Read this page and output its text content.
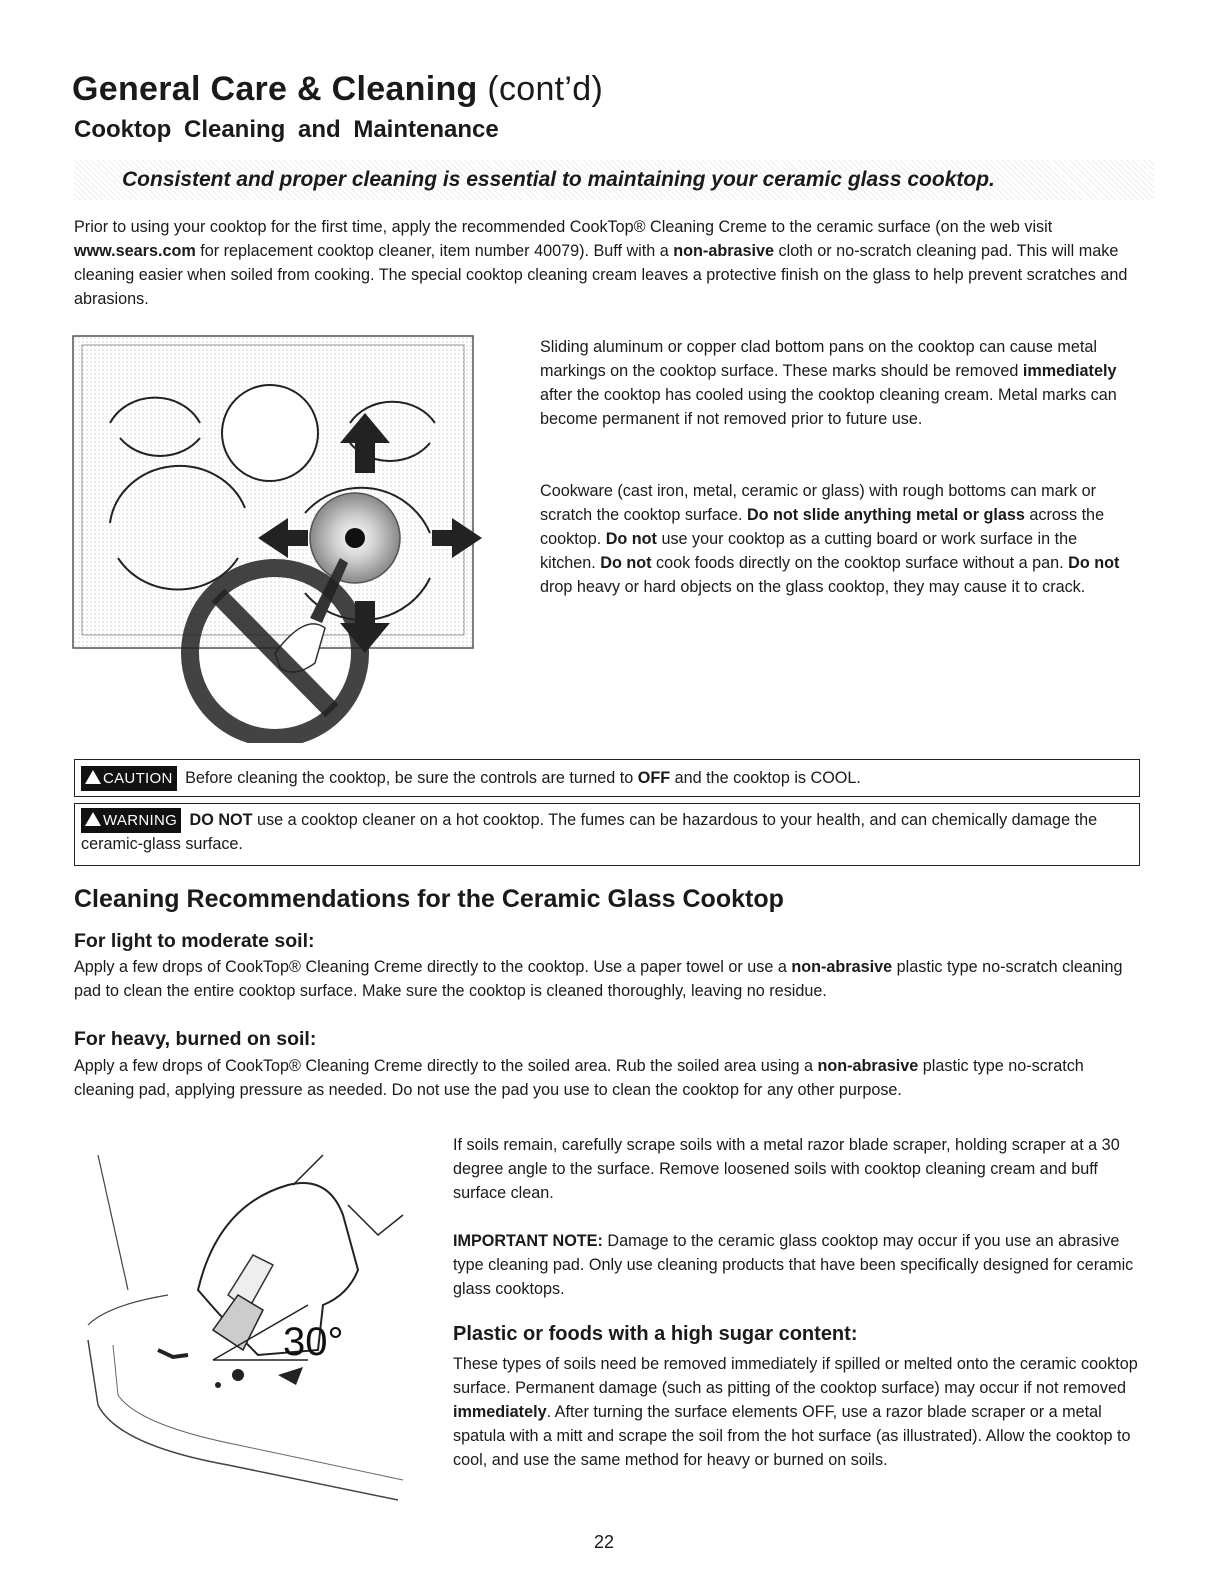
General Care & Cleaning (cont’d)
Cooktop Cleaning and Maintenance
Consistent and proper cleaning is essential to maintaining your ceramic glass cooktop.
Prior to using your cooktop for the first time, apply the recommended CookTop® Cleaning Creme to the ceramic surface (on the web visit www.sears.com for replacement cooktop cleaner, item number 40079). Buff with a non-abrasive cloth or no-scratch cleaning pad. This will make cleaning easier when soiled from cooking. The special cooktop cleaning cream leaves a protective finish on the glass to help prevent scratches and abrasions.
Sliding aluminum or copper clad bottom pans on the cooktop can cause metal markings on the cooktop surface. These marks should be removed immediately after the cooktop has cooled using the cooktop cleaning cream. Metal marks can become permanent if not removed prior to future use.
Cookware (cast iron, metal, ceramic or glass) with rough bottoms can mark or scratch the cooktop surface. Do not slide anything metal or glass across the cooktop. Do not use your cooktop as a cutting board or work surface in the kitchen. Do not cook foods directly on the cooktop surface without a pan. Do not drop heavy or hard objects on the glass cooktop, they may cause it to crack.
CAUTION Before cleaning the cooktop, be sure the controls are turned to OFF and the cooktop is COOL.
WARNING DO NOT use a cooktop cleaner on a hot cooktop. The fumes can be hazardous to your health, and can chemically damage the ceramic-glass surface.
Cleaning Recommendations for the Ceramic Glass Cooktop
For light to moderate soil:
Apply a few drops of CookTop® Cleaning Creme directly to the cooktop. Use a paper towel or use a non-abrasive plastic type no-scratch cleaning pad to clean the entire cooktop surface. Make sure the cooktop is cleaned thoroughly, leaving no residue.
For heavy, burned on soil:
Apply a few drops of CookTop® Cleaning Creme directly to the soiled area. Rub the soiled area using a non-abrasive plastic type no-scratch cleaning pad, applying pressure as needed. Do not use the pad you use to clean the cooktop for any other purpose.
30°
If soils remain, carefully scrape soils with a metal razor blade scraper, holding scraper at a 30 degree angle to the surface. Remove loosened soils with cooktop cleaning cream and buff surface clean.
IMPORTANT NOTE: Damage to the ceramic glass cooktop may occur if you use an abrasive type cleaning pad. Only use cleaning products that have been specifically designed for ceramic glass cooktops.
Plastic or foods with a high sugar content:
These types of soils need be removed immediately if spilled or melted onto the ceramic cooktop surface. Permanent damage (such as pitting of the cooktop surface) may occur if not removed immediately. After turning the surface elements OFF, use a razor blade scraper or a metal spatula with a mitt and scrape the soil from the hot surface (as illustrated). Allow the cooktop to cool, and use the same method for heavy or burned on soils.
22
